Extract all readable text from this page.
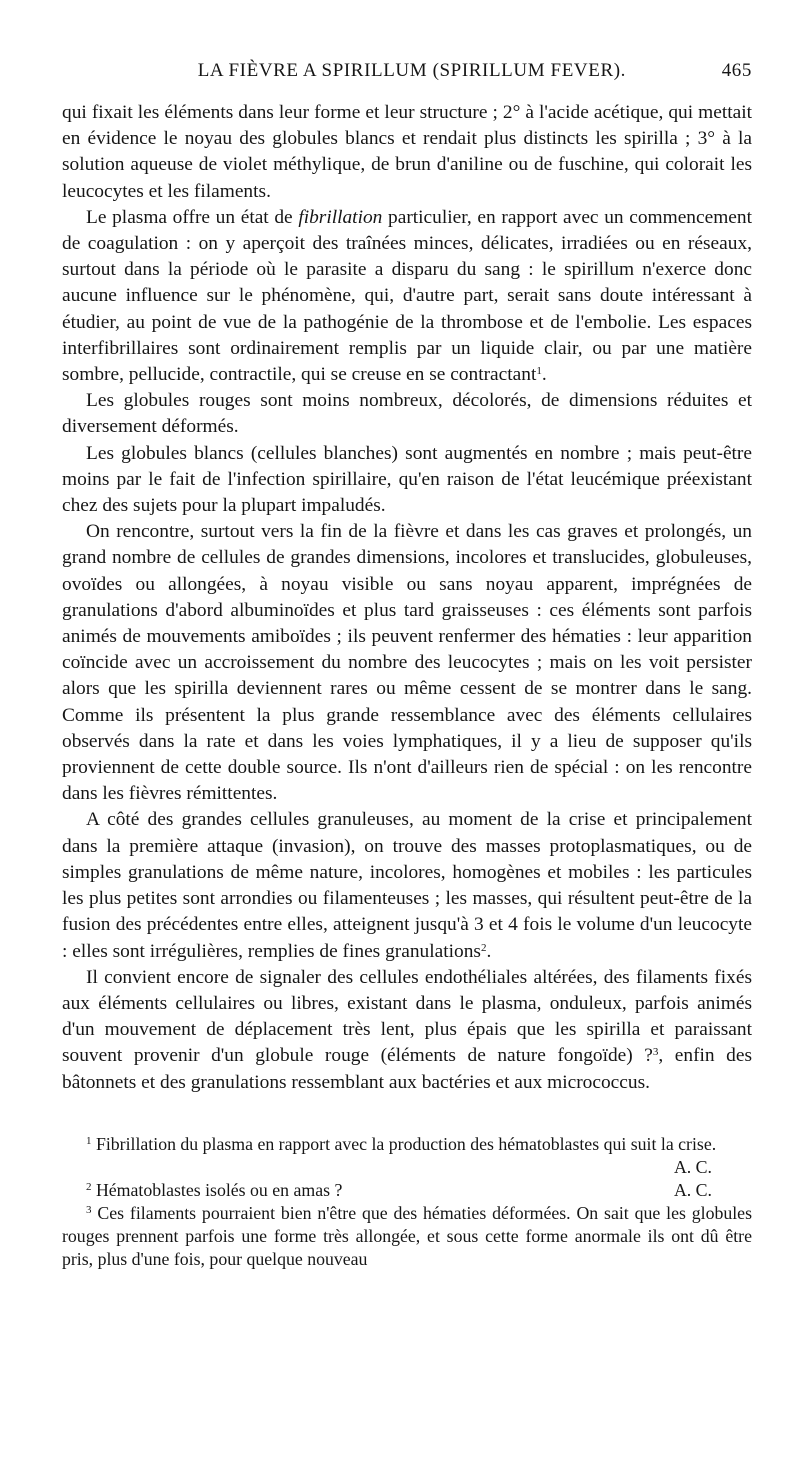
LA FIÈVRE A SPIRILLUM (SPIRILLUM FEVER).	465

qui fixait les éléments dans leur forme et leur structure ; 2° à l'acide acétique, qui mettait en évidence le noyau des globules blancs et rendait plus distincts les spirilla ; 3° à la solution aqueuse de violet méthylique, de brun d'aniline ou de fuschine, qui colorait les leucocytes et les filaments.

Le plasma offre un état de fibrillation particulier, en rapport avec un commencement de coagulation : on y aperçoit des traînées minces, délicates, irradiées ou en réseaux, surtout dans la période où le parasite a disparu du sang : le spirillum n'exerce donc aucune influence sur le phénomène, qui, d'autre part, serait sans doute intéressant à étudier, au point de vue de la pathogénie de la thrombose et de l'embolie. Les espaces interfibrillaires sont ordinairement remplis par un liquide clair, ou par une matière sombre, pellucide, contractile, qui se creuse en se contractant$^1$.

Les globules rouges sont moins nombreux, décolorés, de dimensions réduites et diversement déformés.

Les globules blancs (cellules blanches) sont augmentés en nombre ; mais peut-être moins par le fait de l'infection spirillaire, qu'en raison de l'état leucémique préexistant chez des sujets pour la plupart impaludés.

On rencontre, surtout vers la fin de la fièvre et dans les cas graves et prolongés, un grand nombre de cellules de grandes dimensions, incolores et translucides, globuleuses, ovoïdes ou allongées, à noyau visible ou sans noyau apparent, imprégnées de granulations d'abord albuminoïdes et plus tard graisseuses : ces éléments sont parfois animés de mouvements amiboïdes ; ils peuvent renfermer des hématies : leur apparition coïncide avec un accroissement du nombre des leucocytes ; mais on les voit persister alors que les spirilla deviennent rares ou même cessent de se montrer dans le sang. Comme ils présentent la plus grande ressemblance avec des éléments cellulaires observés dans la rate et dans les voies lymphatiques, il y a lieu de supposer qu'ils proviennent de cette double source. Ils n'ont d'ailleurs rien de spécial : on les rencontre dans les fièvres rémittentes.

A côté des grandes cellules granuleuses, au moment de la crise et principalement dans la première attaque (invasion), on trouve des masses protoplasmatiques, ou de simples granulations de même nature, incolores, homogènes et mobiles : les particules les plus petites sont arrondies ou filamenteuses ; les masses, qui résultent peut-être de la fusion des précédentes entre elles, atteignent jusqu'à 3 et 4 fois le volume d'un leucocyte : elles sont irrégulières, remplies de fines granulations$^2$.

Il convient encore de signaler des cellules endothéliales altérées, des filaments fixés aux éléments cellulaires ou libres, existant dans le plasma, onduleux, parfois animés d'un mouvement de déplacement très lent, plus épais que les spirilla et paraissant souvent provenir d'un globule rouge (éléments de nature fongoïde) ?$^3$, enfin des bâtonnets et des granulations ressemblant aux bactéries et aux micrococcus.

$^1$ Fibrillation du plasma en rapport avec la production des hématoblastes qui suit la crise.

A. C.

$^2$ Hématoblastes isolés ou en amas ?	A. C.

$^3$ Ces filaments pourraient bien n'être que des hématies déformées. On sait que les globules rouges prennent parfois une forme très allongée, et sous cette forme anormale ils ont dû être pris, plus d'une fois, pour quelque nouveau
